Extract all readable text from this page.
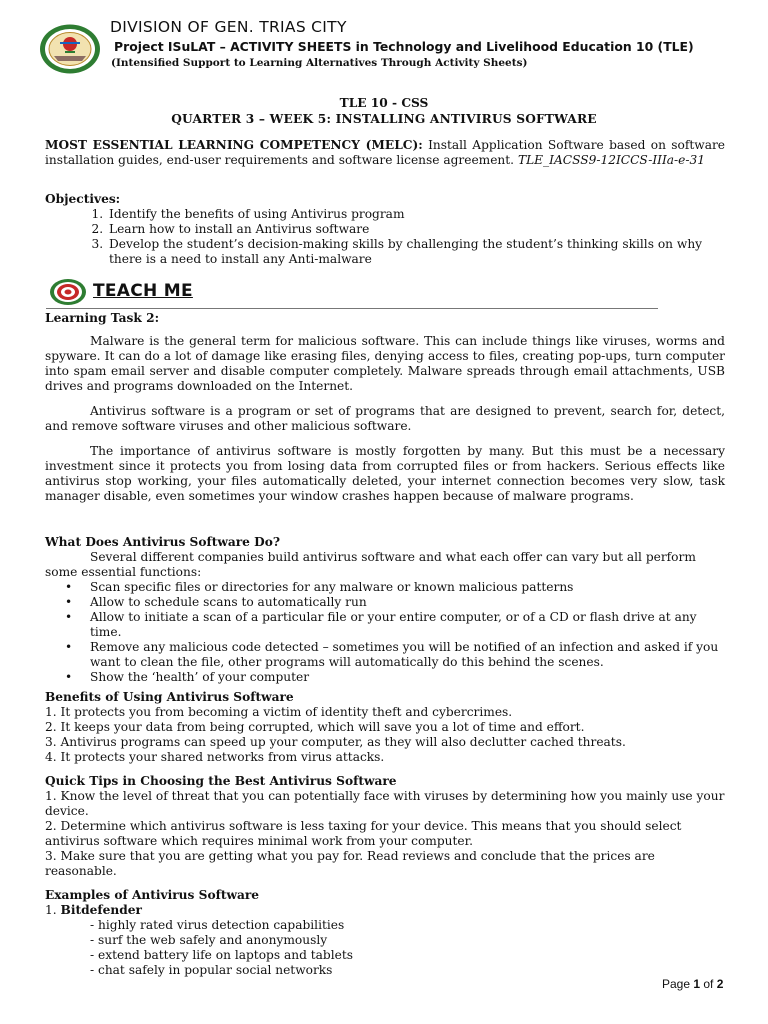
DIVISION OF GEN. TRIAS CITY
Project ISuLAT – ACTIVITY SHEETS in Technology and Livelihood Education 10 (TLE)
(Intensified Support to Learning Alternatives Through Activity Sheets)
TLE 10 - CSS
QUARTER 3 – WEEK 5: INSTALLING ANTIVIRUS SOFTWARE
MOST ESSENTIAL LEARNING COMPETENCY (MELC): Install Application Software based on software installation guides, end-user requirements and software license agreement. TLE_IACSS9-12ICCS-IIIa-e-31
Objectives:
1. Identify the benefits of using Antivirus program
2. Learn how to install an Antivirus software
3. Develop the student’s decision-making skills by challenging the student’s thinking skills on why there is a need to install any Anti-malware
TEACH ME
Learning Task 2:

Malware is the general term for malicious software. This can include things like viruses, worms and spyware. It can do a lot of damage like erasing files, denying access to files, creating pop-ups, turn computer into spam email server and disable computer completely. Malware spreads through email attachments, USB drives and programs downloaded on the Internet.

Antivirus software is a program or set of programs that are designed to prevent, search for, detect, and remove software viruses and other malicious software.

The importance of antivirus software is mostly forgotten by many. But this must be a necessary investment since it protects you from losing data from corrupted files or from hackers. Serious effects like antivirus stop working, your files automatically deleted, your internet connection becomes very slow, task manager disable, even sometimes your window crashes happen because of malware programs.

What Does Antivirus Software Do?
Several different companies build antivirus software and what each offer can vary but all perform some essential functions:
• Scan specific files or directories for any malware or known malicious patterns
• Allow to schedule scans to automatically run
• Allow to initiate a scan of a particular file or your entire computer, or of a CD or flash drive at any time.
• Remove any malicious code detected – sometimes you will be notified of an infection and asked if you want to clean the file, other programs will automatically do this behind the scenes.
• Show the ‘health’ of your computer
Benefits of Using Antivirus Software
1. It protects you from becoming a victim of identity theft and cybercrimes.
2. It keeps your data from being corrupted, which will save you a lot of time and effort.
3. Antivirus programs can speed up your computer, as they will also declutter cached threats.
4. It protects your shared networks from virus attacks.
Quick Tips in Choosing the Best Antivirus Software
1. Know the level of threat that you can potentially face with viruses by determining how you mainly use your device.
2. Determine which antivirus software is less taxing for your device. This means that you should select antivirus software which requires minimal work from your computer.
3. Make sure that you are getting what you pay for. Read reviews and conclude that the prices are reasonable.
Examples of Antivirus Software
1. Bitdefender
- highly rated virus detection capabilities
- surf the web safely and anonymously
- extend battery life on laptops and tablets
- chat safely in popular social networks
Page 1 of 2
